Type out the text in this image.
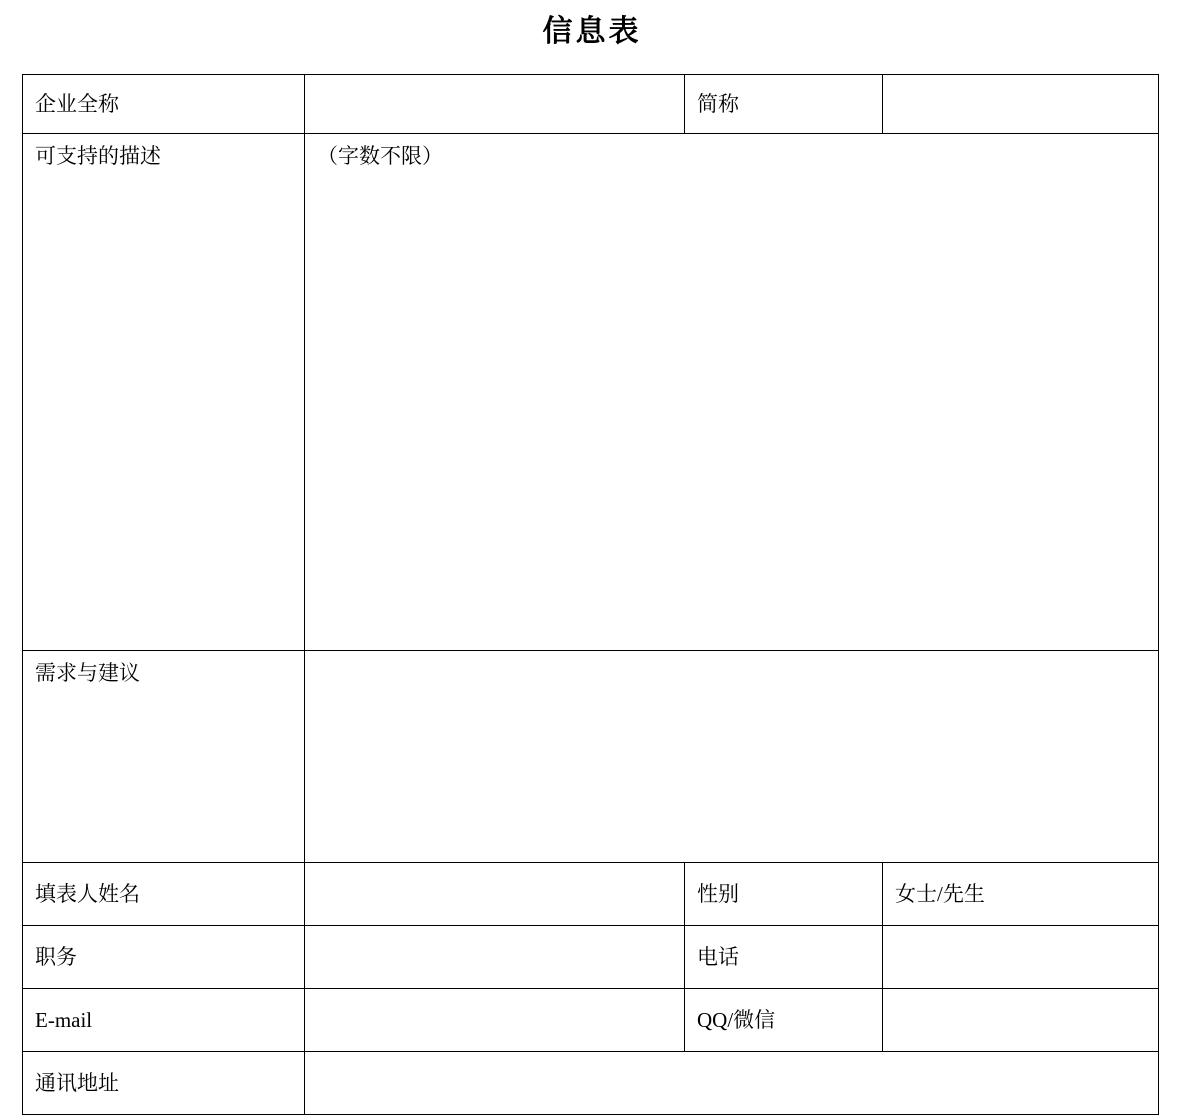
信息表
企业全称		简称	
可支持的描述	（字数不限）		
需求与建议			
填表人姓名		性别	女士/先生
职务		电话	
E-mail		QQ/微信	
通讯地址			
